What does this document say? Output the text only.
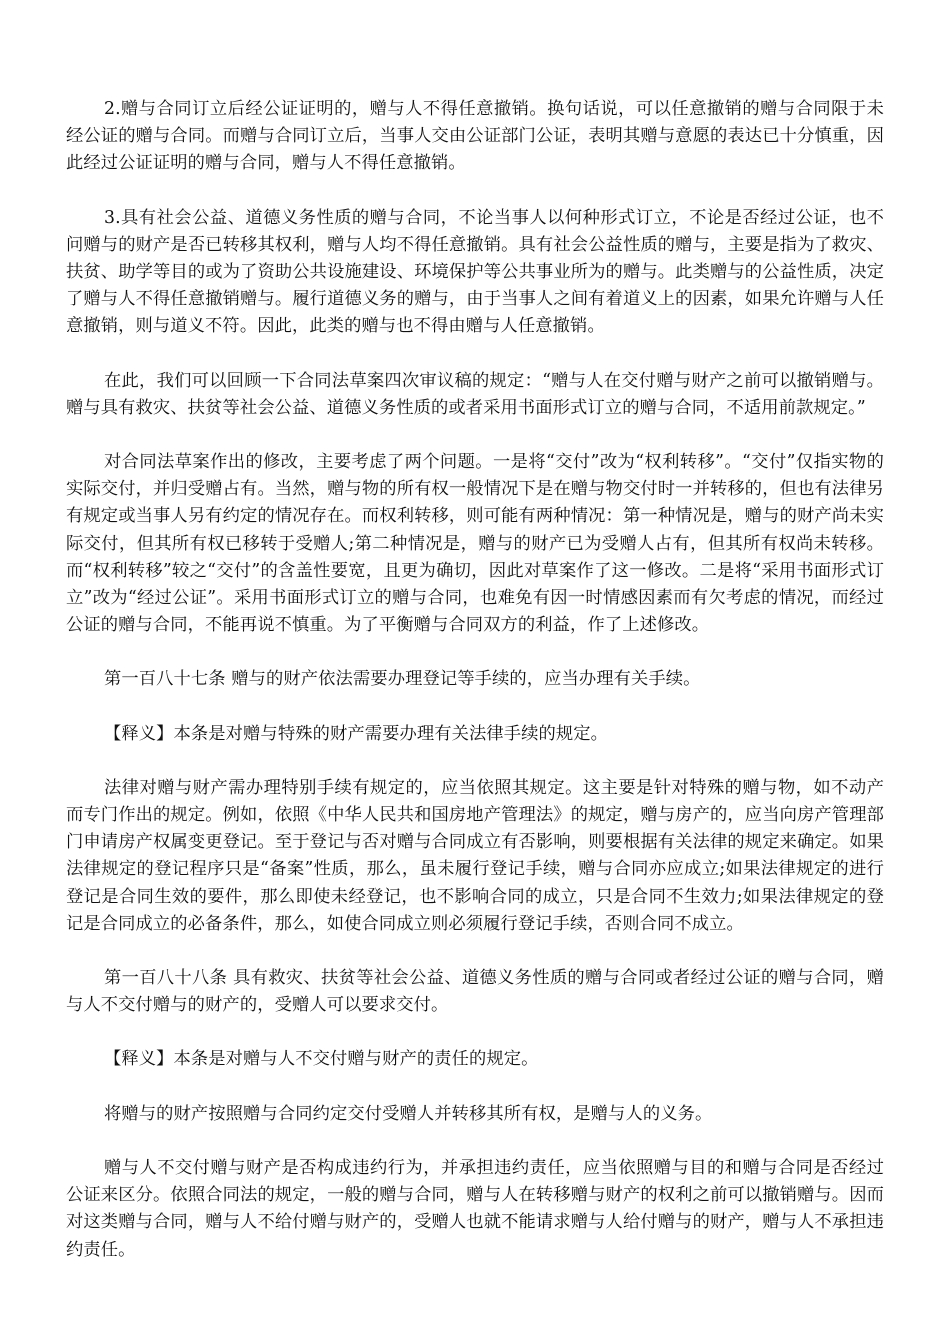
2.赠与合同订立后经公证证明的，赠与人不得任意撤销。换句话说，可以任意撤销的赠与合同限于未经公证的赠与合同。而赠与合同订立后，当事人交由公证部门公证，表明其赠与意愿的表达已十分慎重，因此经过公证证明的赠与合同，赠与人不得任意撤销。

3.具有社会公益、道德义务性质的赠与合同，不论当事人以何种形式订立，不论是否经过公证，也不问赠与的财产是否已转移其权利，赠与人均不得任意撤销。具有社会公益性质的赠与，主要是指为了救灾、扶贫、助学等目的或为了资助公共设施建设、环境保护等公共事业所为的赠与。此类赠与的公益性质，决定了赠与人不得任意撤销赠与。履行道德义务的赠与，由于当事人之间有着道义上的因素，如果允许赠与人任意撤销，则与道义不符。因此，此类的赠与也不得由赠与人任意撤销。

在此，我们可以回顾一下合同法草案四次审议稿的规定：“赠与人在交付赠与财产之前可以撤销赠与。赠与具有救灾、扶贫等社会公益、道德义务性质的或者采用书面形式订立的赠与合同，不适用前款规定。”

对合同法草案作出的修改，主要考虑了两个问题。一是将“交付”改为“权利转移”。“交付”仅指实物的实际交付，并归受赠占有。当然，赠与物的所有权一般情况下是在赠与物交付时一并转移的，但也有法律另有规定或当事人另有约定的情况存在。而权利转移，则可能有两种情况：第一种情况是，赠与的财产尚未实际交付，但其所有权已移转于受赠人;第二种情况是，赠与的财产已为受赠人占有，但其所有权尚未转移。而“权利转移”较之“交付”的含盖性要宽，且更为确切，因此对草案作了这一修改。二是将“采用书面形式订立”改为“经过公证”。采用书面形式订立的赠与合同，也难免有因一时情感因素而有欠考虑的情况，而经过公证的赠与合同，不能再说不慎重。为了平衡赠与合同双方的利益，作了上述修改。

第一百八十七条 赠与的财产依法需要办理登记等手续的，应当办理有关手续。

【释义】本条是对赠与特殊的财产需要办理有关法律手续的规定。

法律对赠与财产需办理特别手续有规定的，应当依照其规定。这主要是针对特殊的赠与物，如不动产而专门作出的规定。例如，依照《中华人民共和国房地产管理法》的规定，赠与房产的，应当向房产管理部门申请房产权属变更登记。至于登记与否对赠与合同成立有否影响，则要根据有关法律的规定来确定。如果法律规定的登记程序只是“备案”性质，那么，虽未履行登记手续，赠与合同亦应成立;如果法律规定的进行登记是合同生效的要件，那么即使未经登记，也不影响合同的成立，只是合同不生效力;如果法律规定的登记是合同成立的必备条件，那么，如使合同成立则必须履行登记手续，否则合同不成立。

第一百八十八条 具有救灾、扶贫等社会公益、道德义务性质的赠与合同或者经过公证的赠与合同，赠与人不交付赠与的财产的，受赠人可以要求交付。

【释义】本条是对赠与人不交付赠与财产的责任的规定。

将赠与的财产按照赠与合同约定交付受赠人并转移其所有权，是赠与人的义务。

赠与人不交付赠与财产是否构成违约行为，并承担违约责任，应当依照赠与目的和赠与合同是否经过公证来区分。依照合同法的规定，一般的赠与合同，赠与人在转移赠与财产的权利之前可以撤销赠与。因而对这类赠与合同，赠与人不给付赠与财产的，受赠人也就不能请求赠与人给付赠与的财产，赠与人不承担违约责任。
